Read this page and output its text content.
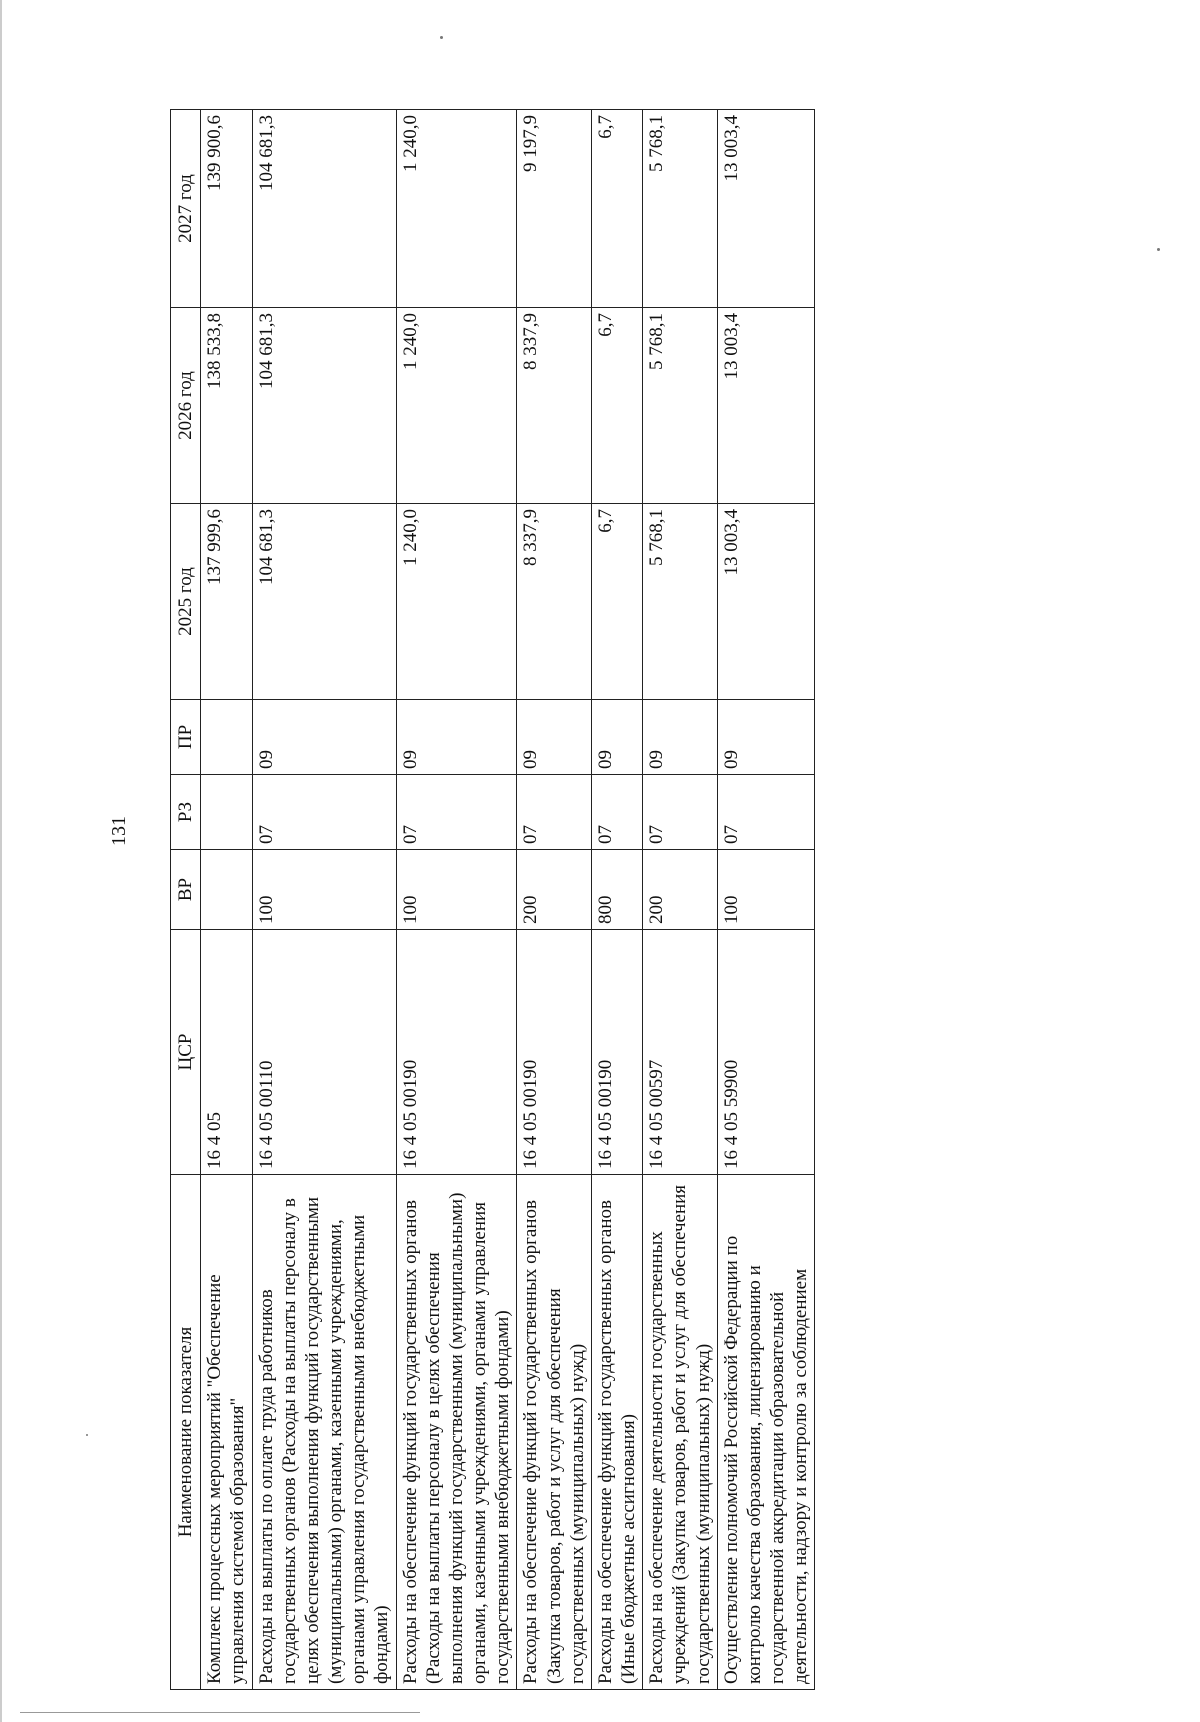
131
Наименование показателя	ЦСР	ВР	РЗ	ПР	2025 год	2026 год	2027 год
Комплекс процессных мероприятий "Обеспечение управления системой образования"	16 4 05				137 999,6	138 533,8	139 900,6
Расходы на выплаты по оплате труда работников государственных органов (Расходы на выплаты персоналу в целях обеспечения выполнения функций государственными (муниципальными) органами, казенными учреждениями, органами управления государственными внебюджетными фондами)	16 4 05 00110	100	07	09	104 681,3	104 681,3	104 681,3
Расходы на обеспечение функций государственных органов (Расходы на выплаты персоналу в целях обеспечения выполнения функций государственными (муниципальными) органами, казенными учреждениями, органами управления государственными внебюджетными фондами)	16 4 05 00190	100	07	09	1 240,0	1 240,0	1 240,0
Расходы на обеспечение функций государственных органов (Закупка товаров, работ и услуг для обеспечения государственных (муниципальных) нужд)	16 4 05 00190	200	07	09	8 337,9	8 337,9	9 197,9
Расходы на обеспечение функций государственных органов (Иные бюджетные ассигнования)	16 4 05 00190	800	07	09	6,7	6,7	6,7
Расходы на обеспечение деятельности государственных учреждений (Закупка товаров, работ и услуг для обеспечения государственных (муниципальных) нужд)	16 4 05 00597	200	07	09	5 768,1	5 768,1	5 768,1
Осуществление полномочий Российской Федерации по контролю качества образования, лицензированию и государственной аккредитации образовательной деятельности, надзору и контролю за соблюдением	16 4 05 59900	100	07	09	13 003,4	13 003,4	13 003,4
